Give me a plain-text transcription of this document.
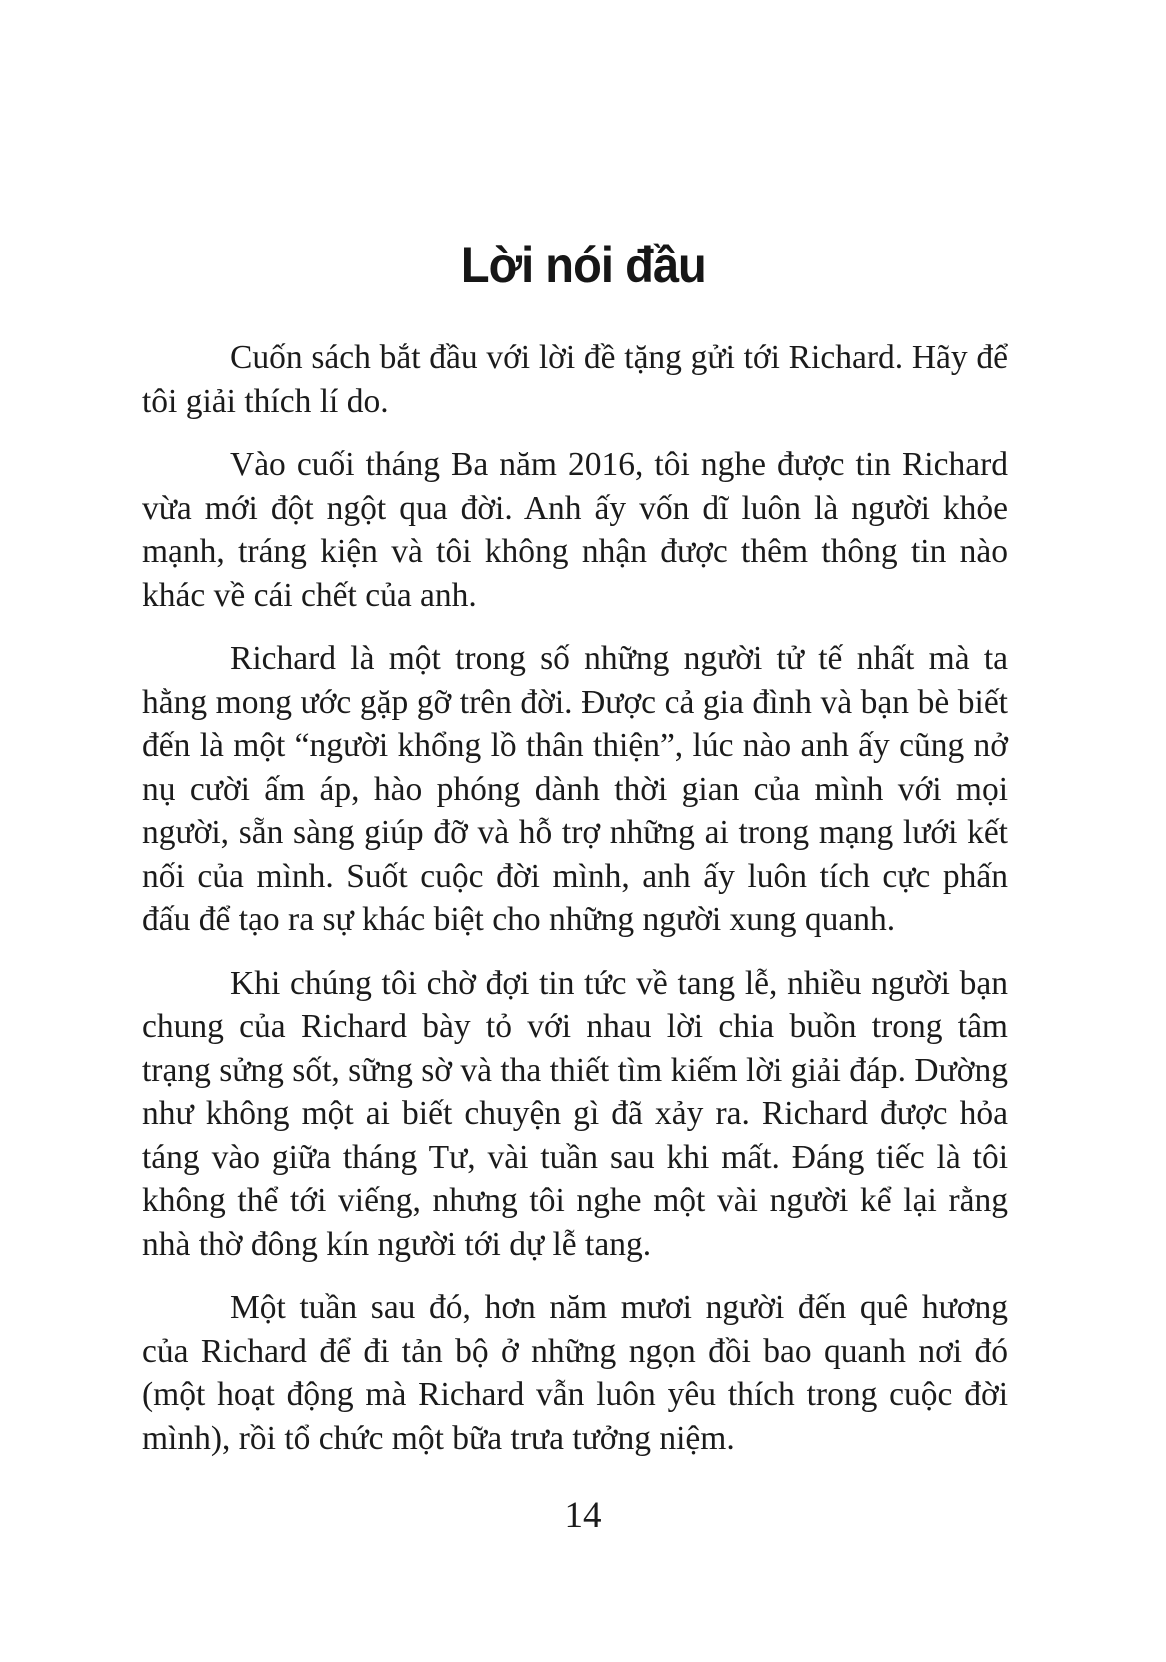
Lời nói đầu

Cuốn sách bắt đầu với lời đề tặng gửi tới Richard. Hãy để tôi giải thích lí do.

Vào cuối tháng Ba năm 2016, tôi nghe được tin Richard vừa mới đột ngột qua đời. Anh ấy vốn dĩ luôn là người khỏe mạnh, tráng kiện và tôi không nhận được thêm thông tin nào khác về cái chết của anh.

Richard là một trong số những người tử tế nhất mà ta hằng mong ước gặp gỡ trên đời. Được cả gia đình và bạn bè biết đến là một “người khổng lồ thân thiện”, lúc nào anh ấy cũng nở nụ cười ấm áp, hào phóng dành thời gian của mình với mọi người, sẵn sàng giúp đỡ và hỗ trợ những ai trong mạng lưới kết nối của mình. Suốt cuộc đời mình, anh ấy luôn tích cực phấn đấu để tạo ra sự khác biệt cho những người xung quanh.

Khi chúng tôi chờ đợi tin tức về tang lễ, nhiều người bạn chung của Richard bày tỏ với nhau lời chia buồn trong tâm trạng sửng sốt, sững sờ và tha thiết tìm kiếm lời giải đáp. Dường như không một ai biết chuyện gì đã xảy ra. Richard được hỏa táng vào giữa tháng Tư, vài tuần sau khi mất. Đáng tiếc là tôi không thể tới viếng, nhưng tôi nghe một vài người kể lại rằng nhà thờ đông kín người tới dự lễ tang.

Một tuần sau đó, hơn năm mươi người đến quê hương của Richard để đi tản bộ ở những ngọn đồi bao quanh nơi đó (một hoạt động mà Richard vẫn luôn yêu thích trong cuộc đời mình), rồi tổ chức một bữa trưa tưởng niệm.

14
